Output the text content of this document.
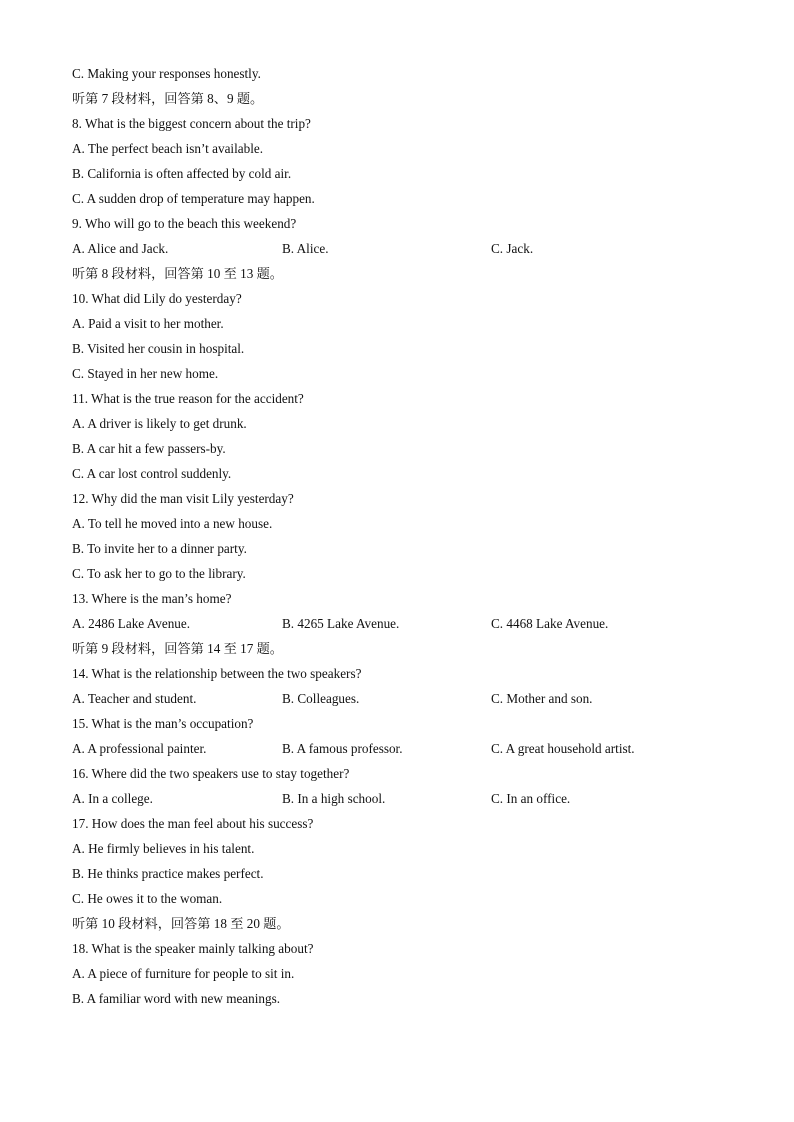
C. Making your responses honestly.
听第 7 段材料，回答第 8、9 题。
8. What is the biggest concern about the trip?
A. The perfect beach isn’t available.
B. California is often affected by cold air.
C. A sudden drop of temperature may happen.
9. Who will go to the beach this weekend?
A. Alice and Jack.	B. Alice.	C. Jack.
听第 8 段材料，回答第 10 至 13 题。
10. What did Lily do yesterday?
A. Paid a visit to her mother.
B. Visited her cousin in hospital.
C. Stayed in her new home.
11. What is the true reason for the accident?
A. A driver is likely to get drunk.
B. A car hit a few passers-by.
C. A car lost control suddenly.
12. Why did the man visit Lily yesterday?
A. To tell he moved into a new house.
B. To invite her to a dinner party.
C. To ask her to go to the library.
13. Where is the man’s home?
A. 2486 Lake Avenue.	B. 4265 Lake Avenue.	C. 4468 Lake Avenue.
听第 9 段材料，回答第 14 至 17 题。
14. What is the relationship between the two speakers?
A. Teacher and student.	B. Colleagues.	C. Mother and son.
15. What is the man’s occupation?
A. A professional painter.	B. A famous professor.	C. A great household artist.
16. Where did the two speakers use to stay together?
A. In a college.	B. In a high school.	C. In an office.
17. How does the man feel about his success?
A. He firmly believes in his talent.
B. He thinks practice makes perfect.
C. He owes it to the woman.
听第 10 段材料，回答第 18 至 20 题。
18. What is the speaker mainly talking about?
A. A piece of furniture for people to sit in.
B. A familiar word with new meanings.
